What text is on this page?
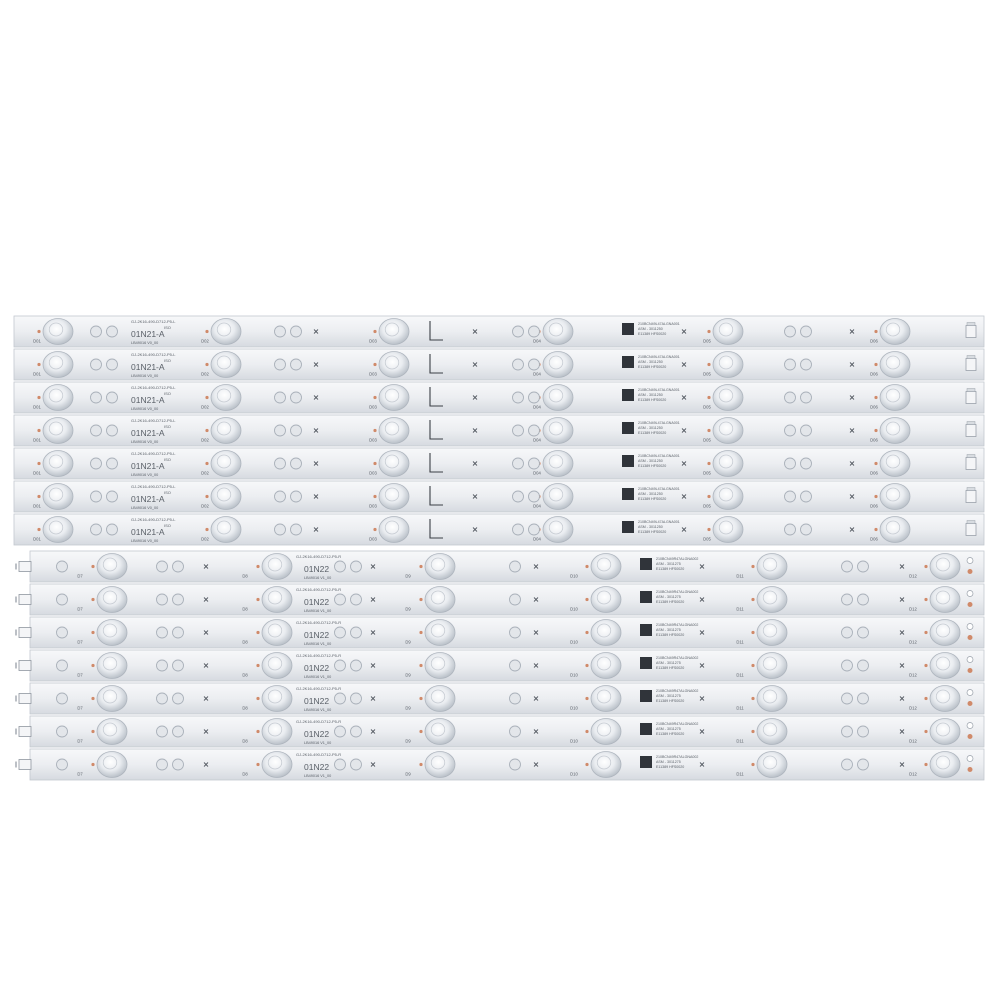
D01	D02	D03	D04	D05	D06
GJ-2K16-490-D712-P5-L
01N21-A
ISO
LB49016 V0_00
210BCN49L47ALGNA001
ASM - 3011250
E11389 HFS0020
D01	D02	D03	D04	D05	D06
GJ-2K16-490-D712-P5-L
01N21-A
ISO
LB49016 V0_00
210BCN49L47ALGNA001
ASM - 3011250
E11389 HFS0020
D01	D02	D03	D04	D05	D06
GJ-2K16-490-D712-P5-L
01N21-A
ISO
LB49016 V0_00
210BCN49L47ALGNA001
ASM - 3011250
E11389 HFS0020
D01	D02	D03	D04	D05	D06
GJ-2K16-490-D712-P5-L
01N21-A
ISO
LB49016 V0_00
210BCN49L47ALGNA001
ASM - 3011250
E11389 HFS0020
D01	D02	D03	D04	D05	D06
GJ-2K16-490-D712-P5-L
01N21-A
ISO
LB49016 V0_00
210BCN49L47ALGNA001
ASM - 3011250
E11389 HFS0020
D01	D02	D03	D04	D05	D06
GJ-2K16-490-D712-P5-L
01N21-A
ISO
LB49016 V0_00
210BCN49L47ALGNA001
ASM - 3011250
E11389 HFS0020
D01	D02	D03	D04	D05	D06
GJ-2K16-490-D712-P5-L
01N21-A
ISO
LB49016 V0_00
210BCN49L47ALGNA001
ASM - 3011250
E11389 HFS0020
D7	D8	D9	D10	D11	D12
GJ-2K16-490-D712-P5-R
01N22
LB49016 V1_00
210BCN49R47ALGNA002
ASM - 3011275
E11389 HFS0020
D7	D8	D9	D10	D11	D12
GJ-2K16-490-D712-P5-R
01N22
LB49016 V1_00
210BCN49R47ALGNA002
ASM - 3011275
E11389 HFS0020
D7	D8	D9	D10	D11	D12
GJ-2K16-490-D712-P5-R
01N22
LB49016 V1_00
210BCN49R47ALGNA002
ASM - 3011275
E11389 HFS0020
D7	D8	D9	D10	D11	D12
GJ-2K16-490-D712-P5-R
01N22
LB49016 V1_00
210BCN49R47ALGNA002
ASM - 3011275
E11389 HFS0020
D7	D8	D9	D10	D11	D12
GJ-2K16-490-D712-P5-R
01N22
LB49016 V1_00
210BCN49R47ALGNA002
ASM - 3011275
E11389 HFS0020
D7	D8	D9	D10	D11	D12
GJ-2K16-490-D712-P5-R
01N22
LB49016 V1_00
210BCN49R47ALGNA002
ASM - 3011275
E11389 HFS0020
D7	D8	D9	D10	D11	D12
GJ-2K16-490-D712-P5-R
01N22
LB49016 V1_00
210BCN49R47ALGNA002
ASM - 3011275
E11389 HFS0020
